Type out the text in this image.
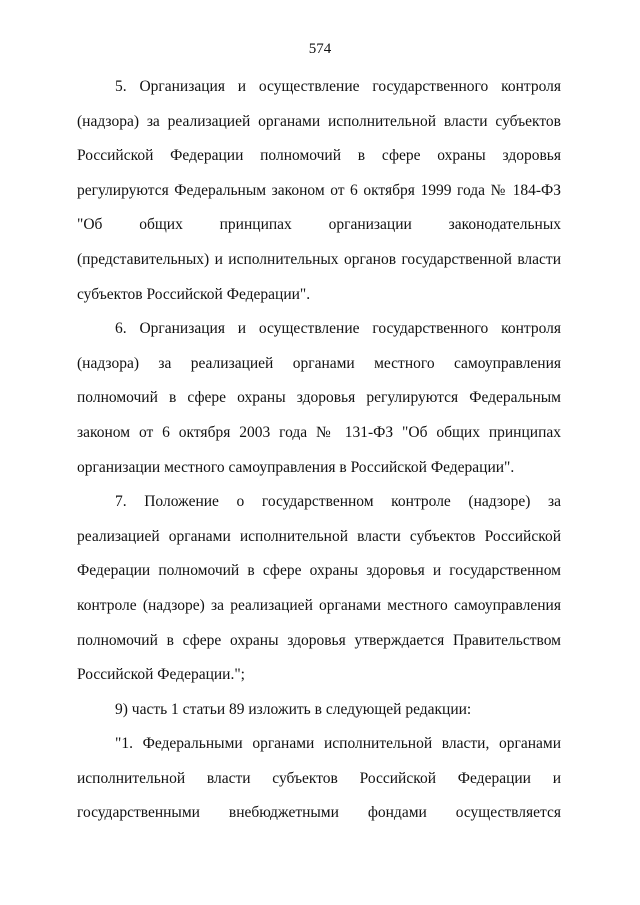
574

5. Организация и осуществление государственного контроля (надзора) за реализацией органами исполнительной власти субъектов Российской Федерации полномочий в сфере охраны здоровья регулируются Федеральным законом от 6 октября 1999 года № 184-ФЗ "Об общих принципах организации законодательных (представительных) и исполнительных органов государственной власти субъектов Российской Федерации".

6. Организация и осуществление государственного контроля (надзора) за реализацией органами местного самоуправления полномочий в сфере охраны здоровья регулируются Федеральным законом от 6 октября 2003 года № 131-ФЗ "Об общих принципах организации местного самоуправления в Российской Федерации".

7. Положение о государственном контроле (надзоре) за реализацией органами исполнительной власти субъектов Российской Федерации полномочий в сфере охраны здоровья и государственном контроле (надзоре) за реализацией органами местного самоуправления полномочий в сфере охраны здоровья утверждается Правительством Российской Федерации.";

9) часть 1 статьи 89 изложить в следующей редакции:

"1. Федеральными органами исполнительной власти, органами исполнительной власти субъектов Российской Федерации и государственными внебюджетными фондами осуществляется
